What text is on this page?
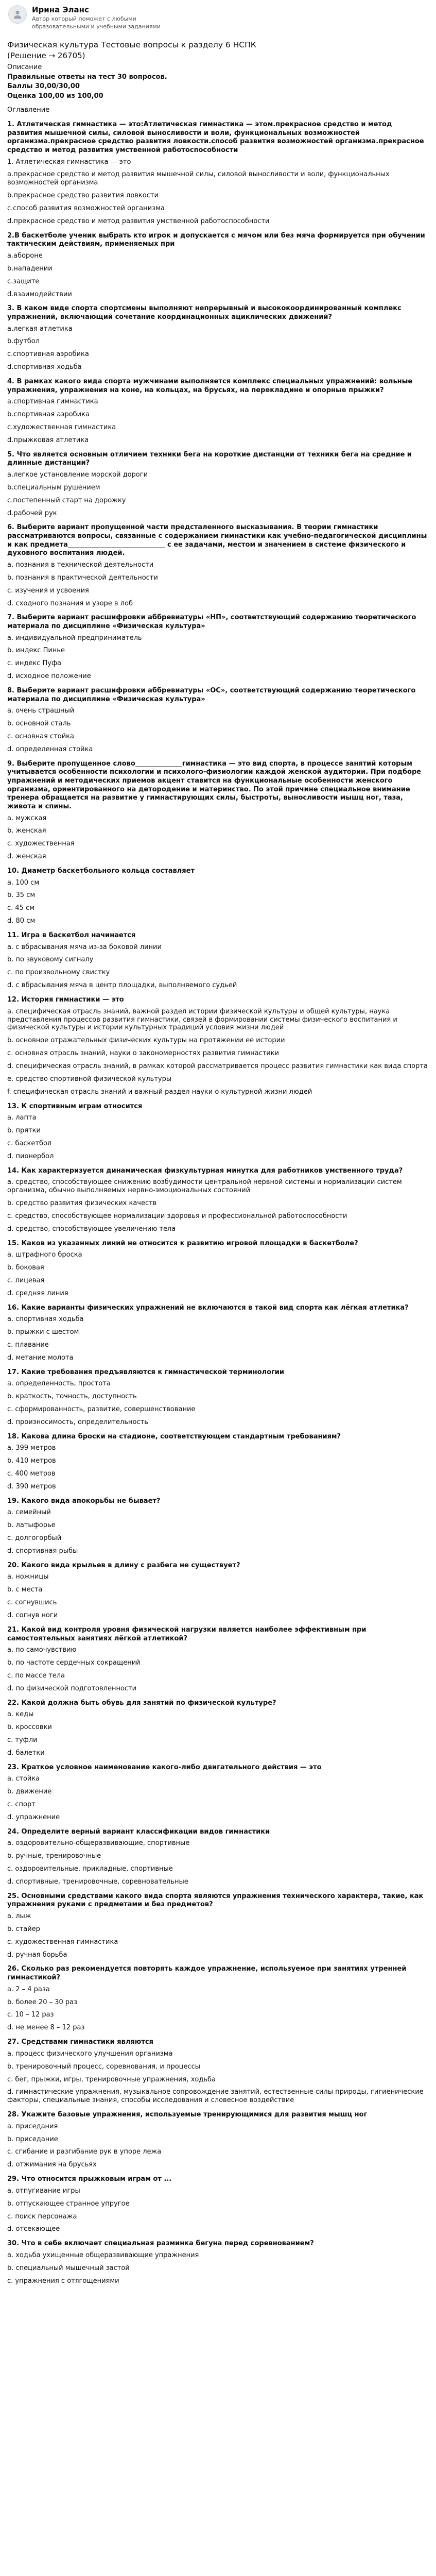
Ирина Эланс
Автор который поможет с любыми образовательными и учебными заданиями
Физическая культура Тестовые вопросы к разделу 6 НСПК
(Решение → 26705)
Описание
Правильные ответы на тест 30 вопросов.
Баллы 30,00/30,00
Оценка 100,00 из 100,00
Оглавление
1. Атлетическая гимнастика — это:Атлетическая гимнастика — этом.прекрасное средство и метод развития мышечной силы, силовой выносливости и воли, функциональных возможностей организма.прекрасное средство развития ловкости.способ развития возможностей организма.прекрасное средство и метод развития умственной работоспособности
1. Атлетическая гимнастика — это
а.прекрасное средство и метод развития мышечной силы, силовой выносливости и воли, функциональных возможностей организма
b.прекрасное средство развития ловкости
c.способ развития возможностей организма
d.прекрасное средство и метод развития умственной работоспособности
2.В баскетболе ученик выбрать кто игрок и допускается с мячом или без мяча формируется при обучении тактическим действиям, применяемых при
а.аборонe
b.нападении
c.защите
d.взаимодействии
3. В каком виде спорта спортсмены выполняют непрерывный и высококоординированный комплекс упражнений, включающий сочетание координационных ациклических движений?
а.легкая атлетика
b.футбол
c.спортивная аэробика
d.спортивная ходьба
4. В рамках какого вида спорта мужчинами выполняется комплекс специальных упражнений: вольные упражнения, упражнения на коне, на кольцах, на брусьях, на перекладине и опорные прыжки?
а.спортивная гимнастика
b.спортивная аэробика
c.художественная гимнастика
d.прыжковая атлетика
5. Что является основным отличием техники бега на короткие дистанции от техники бега на средние и длинные дистанции?
а.легкое установление морской дороги
b.специальным рушением
c.постепенный старт на дорожку
d.рабочей рук
6. Выберите вариант пропущенной части предсталенного высказывания. В теории гимнастики рассматриваются вопросы, связанные с содержанием гимнастики как учебно-педагогической дисциплины и как предмета_____________________________ с ее задачами, местом и значением в системе физического и духовного воспитания людей.
а. познания в технической деятельности
b. познания в практической деятельности
c. изучения и усвоения
d. сходного познания и узоре в лоб
7. Выберите вариант расшифровки аббревиатуры «НП», соответствующий содержанию теоретического материала по дисциплине «Физическая культура»
а. индивидуальной предприниматель
b. индекс Пинье
c. индекс Пуфа
d. исходное положение
8. Выберите вариант расшифровки аббревиатуры «ОС», соответствующий содержанию теоретического материала по дисциплине «Физическая культура»
а. очень страшный
b. основной сталь
c. основная стойка
d. определенная стойка
9. Выберите пропущенное слово______________гимнастика — это вид спорта, в процессе занятий которым учитывается особенности психологии и психолого-физиологии каждой женской аудитории. При подборе упражнений и методических приемов акцент ставится на функциональные особенности женского организма, ориентированного на детородение и материнство. По этой причине специальное внимание тренера обращается на развитие у гимнастирующих силы, быстроты, выносливости мышц ног, таза, живота и спины.
а. мужская
b. женская
c. художественная
d. женская
10. Диаметр баскетбольного кольца составляет
а. 100 см
b. 35 см
c. 45 см
d. 80 см
11. Игра в баскетбол начинается
а. с вбрасывания мяча из-за боковой линии
b. по звуковому сигналу
c. по произвольному свистку
d. с вбрасывания мяча в центр площадки, выполняемого судьей
12. История гимнастики — это
а. специфическая отрасль знаний, важной раздел истории физической культуры и общей культуры, наука представления процессов развития гимнастики, связей в формировании системы физического воспитания и физической культуры и истории культурных традиций условия жизни людей
b. основное отражательных физических культуры на протяжении ее истории
c. основная отрасль знаний, науки о закономерностях развития гимнастики
d. специфическая отрасль знаний, в рамках которой рассматривается процесс развития гимнастики как вида спорта
e. средство спортивной физической культуры
f. специфическая отрасль знаний и важный раздел науки о культурной жизни людей
13. К спортивным играм относится
а. лапта
b. прятки
c. баскетбол
d. пионербол
14. Как характеризуется динамическая физкультурная минутка для работников умственного труда?
а. средство, способствующее снижению возбудимости центральной нервной системы и нормализации систем организма, обычно выполняемых нервно-эмоциональных состояний
b. средство развития физических качеств
c. средство, способствующее нормализации здоровья и профессиональной работоспособности
d. средство, способствующее увеличению тела
15. Каков из указанных линий не относится к развитию игровой площадки в баскетболе?
а. штрафного броска
b. боковая
c. лицевая
d. средняя линия
16. Какие варианты физических упражнений не включаются в такой вид спорта как лёгкая атлетика?
а. спортивная ходьба
b. прыжки с шестом
c. плавание
d. метание молота
17. Какие требования предъявляются к гимнастической терминологии
а. определенность, простота
b. краткость, точность, доступность
c. сформированность, развитие, совершенствование
d. произносимость, определительность
18. Какова длина броски на стадионе, соответствующем стандартным требованиям?
а. 399 метров
b. 410 метров
c. 400 метров
d. 390 метров
19. Какого вида апокорьбы не бывает?
а. семейный
b. латыфорье
c. долгогорбый
d. спортивная рыбы
20. Какого вида крыльев в длину с разбега не существует?
а. ножницы
b. с места
c. согнувшись
d. согнув ноги
21. Какой вид контроля уровня физической нагрузки является наиболее эффективным при самостоятельных занятиях лёгкой атлетикой?
а. по самочувствию
b. по частоте сердечных сокращений
c. по массе тела
d. по физической подготовленности
22. Какой должна быть обувь для занятий по физической культуре?
а. кеды
b. кроссовки
c. туфли
d. балетки
23. Краткое условное наименование какого-либо двигательного действия — это
а. стойка
b. движение
c. спорт
d. упражнение
24. Определите верный вариант классификации видов гимнастики
а. оздоровительно-общеразвивающие, спортивные
b. ручные, тренировочные
c. оздоровительные, прикладные, спортивные
d. спортивные, тренировочные, соревновательные
25. Основными средствами какого вида спорта являются упражнения технического характера, такие, как упражнения руками с предметами и без предметов?
а. лыж
b. стайер
c. художественная гимнастика
d. ручная борьба
26. Сколько раз рекомендуется повторять каждое упражнение, используемое при занятиях утренней гимнастикой?
а. 2 – 4 раза
b. более 20 – 30 раз
c. 10 – 12 раз
d. не менее 8 – 12 раз
27. Средствами гимнастики являются
а. процесс физического улучшения организма
b. тренировочный процесс, соревнования, и процессы
c. бег, прыжки, игры, тренировочные упражнения, ходьба
d. гимнастические упражнения, музыкальное сопровождение занятий, естественные силы природы, гигиенические факторы, специальные знания, способы исследования и словесное воздействие
28. Укажите базовые упражнения, используемые тренирующимися для развития мышц ног
а. приседания
b. приседание
c. сгибание и разгибание рук в упоре лежа
d. отжимания на брусьях
29. Что относится прыжковым играм от ...
а. отпугивание игры
b. отпускающее странное упругое
c. поиск персонажа
d. отсекающее
30. Что в себе включает специальная разминка бегуна перед соревнованием?
а. ходьба ухищенные общеразвивающие упражнения
b. специальный мышечный застой
c. упражнения с отягощениями
